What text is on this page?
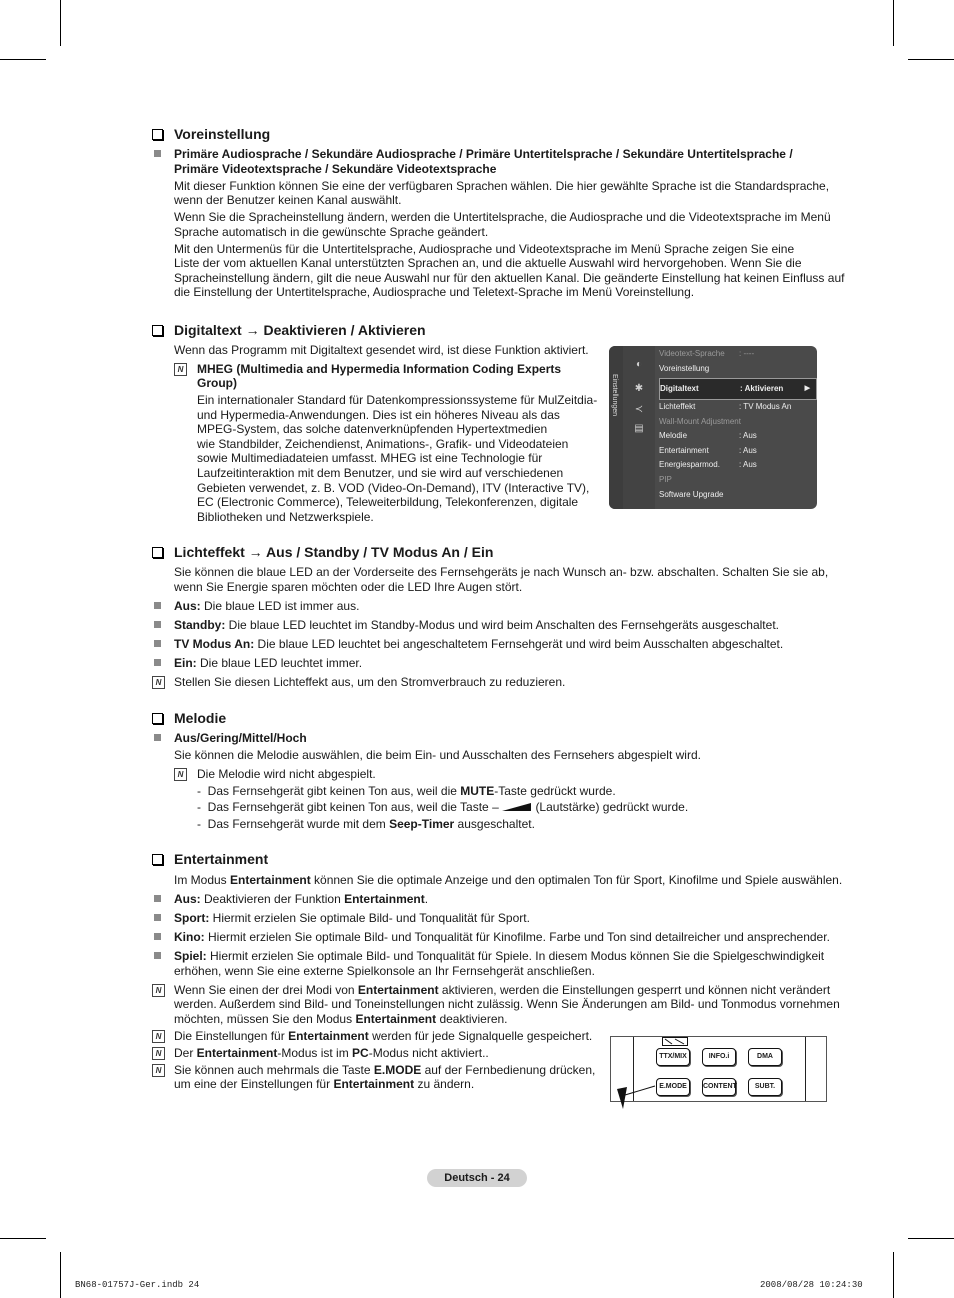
Voreinstellung
Primäre Audiosprache / Sekundäre Audiosprache / Primäre Untertitelsprache / Sekundäre Untertitelsprache /
Primäre Videotextsprache / Sekundäre Videotextsprache
Mit dieser Funktion können Sie eine der verfügbaren Sprachen wählen. Die hier gewählte Sprache ist die Standardsprache,
wenn der Benutzer keinen Kanal auswählt.
Wenn Sie die Spracheinstellung ändern, werden die Untertitelsprache, die Audiosprache und die Videotextsprache im Menü
Sprache automatisch in die gewünschte Sprache geändert.
Mit den Untermenüs für die Untertitelsprache, Audiosprache und Videotextsprache im Menü Sprache zeigen Sie eine
Liste der vom aktuellen Kanal unterstützten Sprachen an, und die aktuelle Auswahl wird hervorgehoben. Wenn Sie die
Spracheinstellung ändern, gilt die neue Auswahl nur für den aktuellen Kanal. Die geänderte Einstellung hat keinen Einfluss auf
die Einstellung der Untertitelsprache, Audiosprache und Teletext-Sprache im Menü Voreinstellung.
Digitaltext → Deaktivieren / Aktivieren
Wenn das Programm mit Digitaltext gesendet wird, ist diese Funktion aktiviert.
N	MHEG (Multimedia and Hypermedia Information Coding Experts
Group)
Ein internationaler Standard für Datenkompressionssysteme für MulZeitdia-
und Hypermedia-Anwendungen. Dies ist ein höheres Niveau als das
MPEG-System, das solche datenverknüpfenden Hypertextmedien
wie Standbilder, Zeichendienst, Animations-, Grafik- und Videodateien
sowie Multimediadateien umfasst. MHEG ist eine Technologie für
Laufzeitinteraktion mit dem Benutzer, und sie wird auf verschiedenen
Gebieten verwendet, z. B. VOD (Video-On-Demand), ITV (Interactive TV),
EC (Electronic Commerce), Teleweiterbildung, Telekonferenzen, digitale
Bibliotheken und Netzwerkspiele.
Einstellungen
◐
✱
≺
▤
Videotext-Sprache : ----
Voreinstellung
Digitaltext	: Aktivieren	▶
Lichteffekt	: TV Modus An
Wall-Mount Adjustment
Melodie	: Aus
Entertainment	: Aus
Energiesparmod. : Aus
PIP
Software Upgrade
Lichteffekt → Aus / Standby / TV Modus An / Ein
Sie können die blaue LED an der Vorderseite des Fernsehgeräts je nach Wunsch an- bzw. abschalten. Schalten Sie sie ab,
wenn Sie Energie sparen möchten oder die LED Ihre Augen stört.
Aus: Die blaue LED ist immer aus.
Standby: Die blaue LED leuchtet im Standby-Modus und wird beim Anschalten des Fernsehgeräts ausgeschaltet.
TV Modus An: Die blaue LED leuchtet bei angeschaltetem Fernsehgerät und wird beim Ausschalten abgeschaltet.
Ein: Die blaue LED leuchtet immer.
N	Stellen Sie diesen Lichteffekt aus, um den Stromverbrauch zu reduzieren.
Melodie
Aus/Gering/Mittel/Hoch
Sie können die Melodie auswählen, die beim Ein- und Ausschalten des Fernsehers abgespielt wird.
N	Die Melodie wird nicht abgespielt.
-  Das Fernsehgerät gibt keinen Ton aus, weil die MUTE-Taste gedrückt wurde.
-  Das Fernsehgerät gibt keinen Ton aus, weil die Taste –	(Lautstärke) gedrückt wurde.
-  Das Fernsehgerät wurde mit dem Seep-Timer ausgeschaltet.
Entertainment
Im Modus Entertainment können Sie die optimale Anzeige und den optimalen Ton für Sport, Kinofilme und Spiele auswählen.
Aus: Deaktivieren der Funktion Entertainment.
Sport: Hiermit erzielen Sie optimale Bild- und Tonqualität für Sport.
Kino: Hiermit erzielen Sie optimale Bild- und Tonqualität für Kinofilme. Farbe und Ton sind detailreicher und ansprechender.
Spiel: Hiermit erzielen Sie optimale Bild- und Tonqualität für Spiele. In diesem Modus können Sie die Spielgeschwindigkeit
erhöhen, wenn Sie eine externe Spielkonsole an Ihr Fernsehgerät anschließen.
N	Wenn Sie einen der drei Modi von Entertainment aktivieren, werden die Einstellungen gesperrt und können nicht verändert
werden. Außerdem sind Bild- und Toneinstellungen nicht zulässig. Wenn Sie Änderungen am Bild- und Tonmodus vornehmen
möchten, müssen Sie den Modus Entertainment deaktivieren.
N	Die Einstellungen für Entertainment werden für jede Signalquelle gespeichert.
N	Der Entertainment-Modus ist im PC-Modus nicht aktiviert..
N	Sie können auch mehrmals die Taste E.MODE auf der Fernbedienung drücken,
um eine der Einstellungen für Entertainment zu ändern.
TTX/MIX	INFO.i	DMA
E.MODE	CONTENT	SUBT.
Deutsch - 24
BN68-01757J-Ger.indb 24	2008/08/28 10:24:30
